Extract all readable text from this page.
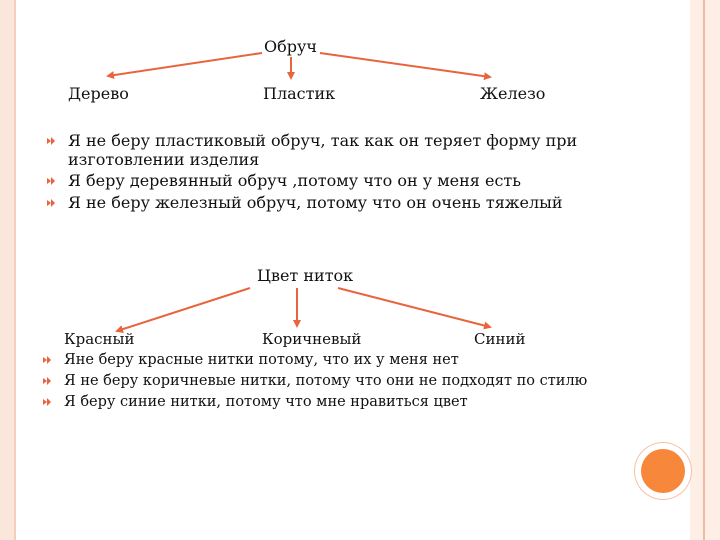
Обруч
Дерево	Пластик	Железо
Я не беру пластиковый обруч, так как он теряет форму при изготовлении изделия
Я беру деревянный обруч ,потому что он у меня есть
Я не беру железный обруч, потому что он очень тяжелый
Цвет ниток
Красный	Коричневый	Синий
Яне беру красные нитки потому, что их у меня нет
Я не беру коричневые нитки, потому что они не подходят по стилю
Я беру синие нитки, потому что мне нравиться цвет
